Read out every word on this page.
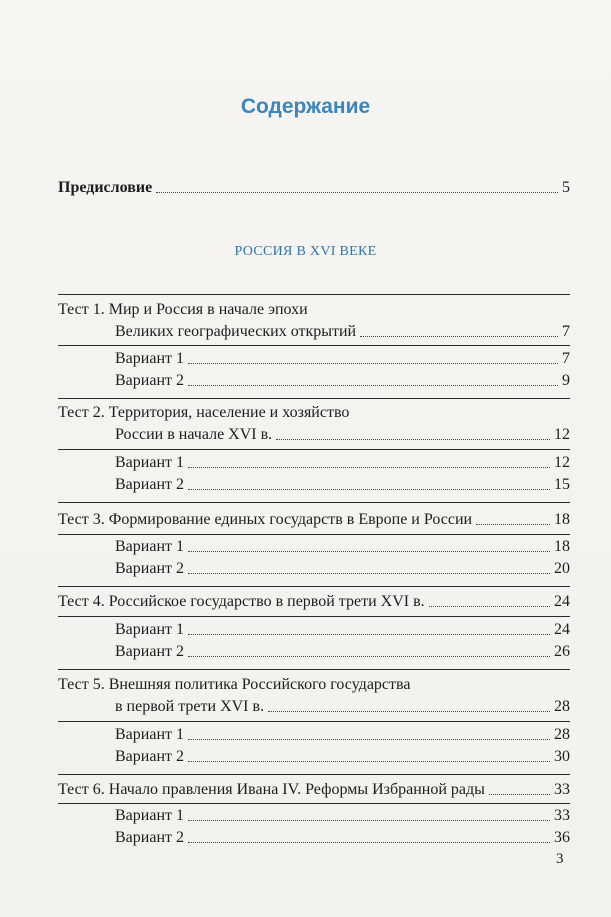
Содержание
Предисловие	5
РОССИЯ В XVI ВЕКЕ
Тест 1. Мир и Россия в начале эпохи
Великих географических открытий	7
Вариант 1	7
Вариант 2	9
Тест 2. Территория, население и хозяйство
России в начале XVI в.	12
Вариант 1	12
Вариант 2	15
Тест 3. Формирование единых государств в Европе и России	18
Вариант 1	18
Вариант 2	20
Тест 4. Российское государство в первой трети XVI в.	24
Вариант 1	24
Вариант 2	26
Тест 5. Внешняя политика Российского государства
в первой трети XVI в.	28
Вариант 1	28
Вариант 2	30
Тест 6. Начало правления Ивана IV. Реформы Избранной рады	33
Вариант 1	33
Вариант 2	36
3
